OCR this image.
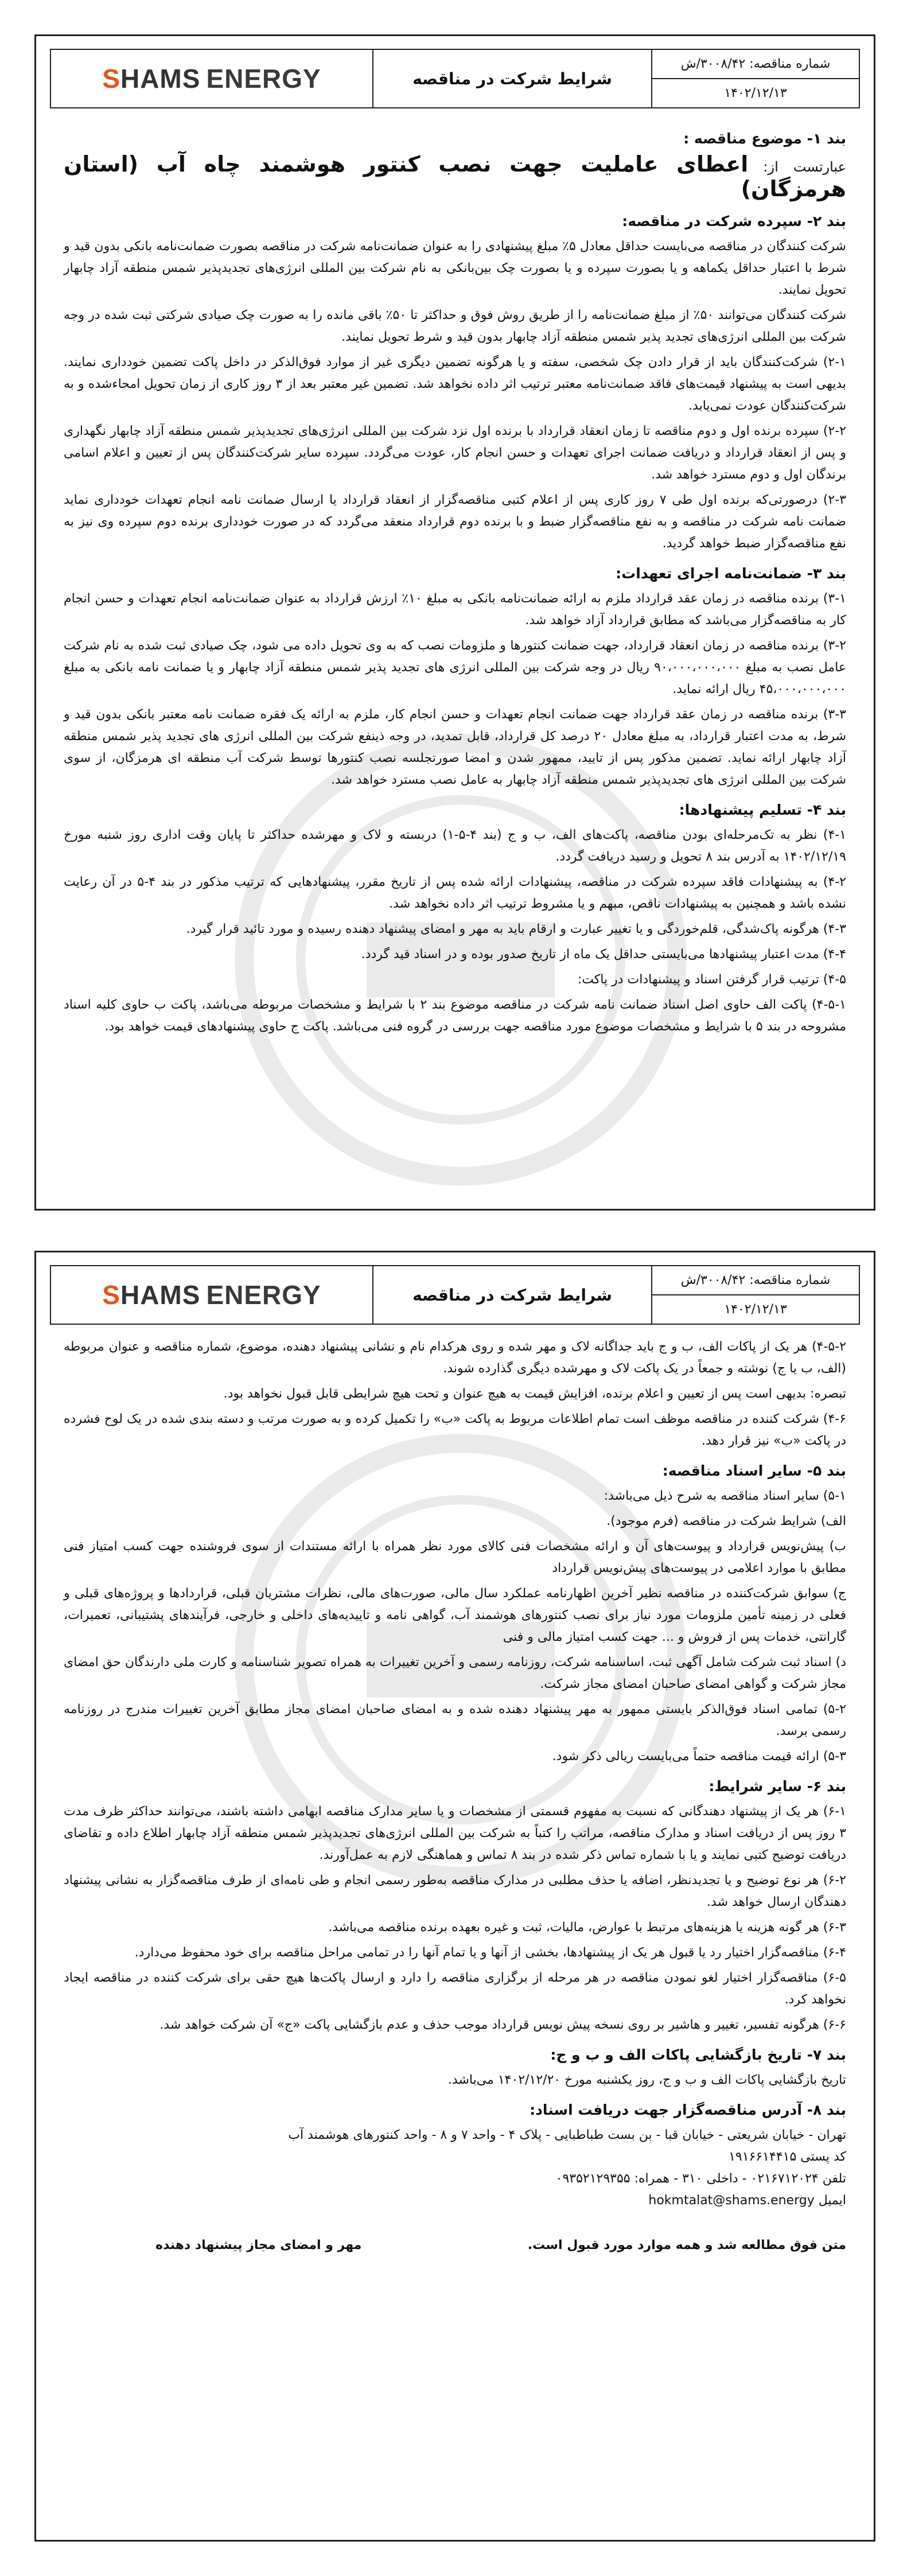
S HAMS ENERGY	شرایط شرکت در مناقصه
شماره مناقصه: ۳۰۰۸/۴۲/ش
۱۴۰۲/۱۲/۱۳
بند ۱- موضوع مناقصه :
عبارتست از: اعطای عاملیت جهت نصب کنتور هوشمند چاه آب (استان هرمزگان)
بند ۲- سپرده شرکت در مناقصه:

شرکت کنندگان در مناقصه می‌بایست حداقل معادل ۵٪ مبلغ پیشنهادی را به عنوان ضمانت‌نامه شرکت در مناقصه بصورت ضمانت‌نامه بانکی بدون قید و شرط با اعتبار حداقل یکماهه و یا بصورت سپرده و یا بصورت چک بین‌بانکی به نام شرکت بین المللی انرژی‌های تجدیدپذیر شمس منطقه آزاد چابهار تحویل نمایند.

شرکت کنندگان می‌توانند ۵۰٪ از مبلغ ضمانت‌نامه را از طریق روش فوق و حداکثر تا ۵۰٪ باقی مانده را به صورت چک صیادی شرکتی ثبت شده در وجه شرکت بین المللی انرژی‌های تجدید پذیر شمس منطقه آزاد چابهار بدون قید و شرط تحویل نمایند.

۲-۱) شرکت‌کنندگان باید از قرار دادن چک شخصی، سفته و یا هرگونه تضمین دیگری غیر از موارد فوق‌الذکر در داخل پاکت تضمین خودداری نمایند. بدیهی است به پیشنهاد قیمت‌های فاقد ضمانت‌نامه معتبر ترتیب اثر داده نخواهد شد. تضمین غیر معتبر بعد از ۳ روز کاری از زمان تحویل امحاءشده و به شرکت‌کنندگان عودت نمی‌یابد.

۲-۲) سپرده برنده اول و دوم مناقصه تا زمان انعقاد قرارداد با برنده اول نزد شرکت بین المللی انرژی‌های تجدیدپذیر شمس منطقه آزاد چابهار نگهداری و پس از انعقاد قرارداد و دریافت ضمانت اجرای تعهدات و حسن انجام کار، عودت می‌گردد. سپرده سایر شرکت‌کنندگان پس از تعیین و اعلام اسامی برندگان اول و دوم مسترد خواهد شد.

۲-۳) درصورتی‌که برنده اول طی ۷ روز کاری پس از اعلام کتبی مناقصه‌گزار از انعقاد قرارداد یا ارسال ضمانت نامه انجام تعهدات خودداری نماید ضمانت نامه شرکت در مناقصه و به نفع مناقصه‌گزار ضبط و با برنده دوم قرارداد منعقد می‌گردد که در صورت خودداری برنده دوم سپرده وی نیز به نفع مناقصه‌گزار ضبط خواهد گردید.

بند ۳- ضمانت‌نامه اجرای تعهدات:

۳-۱) برنده مناقصه در زمان عقد قرارداد ملزم به ارائه ضمانت‌نامه بانکی به مبلغ ۱۰٪ ارزش قرارداد به عنوان ضمانت‌نامه انجام تعهدات و حسن انجام کار به مناقصه‌گزار می‌باشد که مطابق قرارداد آزاد خواهد شد.

۳-۲) برنده مناقصه در زمان انعقاد قرارداد، جهت ضمانت کنتورها و ملزومات نصب که به وی تحویل داده می شود، چک صیادی ثبت شده به نام شرکت عامل نصب به مبلغ ۹۰،۰۰۰،۰۰۰،۰۰۰ ریال در وجه شرکت بین المللی انرژی های تجدید پذیر شمس منطقه آزاد چابهار و یا ضمانت نامه بانکی به مبلغ ۴۵،۰۰۰،۰۰۰،۰۰۰ ریال ارائه نماید.

۳-۳) برنده مناقصه در زمان عقد قرارداد جهت ضمانت انجام تعهدات و حسن انجام کار، ملزم به ارائه یک فقره ضمانت نامه معتبر بانکی بدون قید و شرط، به مدت اعتبار قرارداد، به مبلغ معادل ۲۰ درصد کل قرارداد، قابل تمدید، در وجه ذینفع شرکت بین المللی انرژی های تجدید پذیر شمس منطقه آزاد چابهار ارائه نماید. تضمین مذکور پس از تایید، ممهور شدن و امضا صورتجلسه نصب کنتورها توسط شرکت آب منطقه ای هرمزگان، از سوی شرکت بین المللی انرژی های تجدیدپذیر شمس منطقه آزاد چابهار به عامل نصب مسترد خواهد شد.

بند ۴- تسلیم پیشنهادها:

۴-۱) نظر به تک‌مرحله‌ای بودن مناقصه، پاکت‌های الف، ب و ج (بند ۴-۵-۱) دربسته و لاک و مهرشده حداکثر تا پایان وقت اداری روز شنبه مورخ ۱۴۰۲/۱۲/۱۹ به آدرس بند ۸ تحویل و رسید دریافت گردد.

۴-۲) به پیشنهادات فاقد سپرده شرکت در مناقصه، پیشنهادات ارائه شده پس از تاریخ مقرر، پیشنهادهایی که ترتیب مذکور در بند ۴-۵ در آن رعایت نشده باشد و همچنین به پیشنهادات ناقص، مبهم و یا مشروط ترتیب اثر داده نخواهد شد.

۴-۳) هرگونه پاک‌شدگی، قلم‌خوردگی و یا تغییر عبارت و ارقام باید به مهر و امضای پیشنهاد دهنده رسیده و مورد تائید قرار گیرد.

۴-۴) مدت اعتبار پیشنهادها می‌بایستی حداقل یک ماه از تاریخ صدور بوده و در اسناد قید گردد.

۴-۵) ترتیب قرار گرفتن اسناد و پیشنهادات در پاکت:

۴-۵-۱) پاکت الف حاوی اصل اسناد ضمانت نامه شرکت در مناقصه موضوع بند ۲ با شرایط و مشخصات مربوطه می‌باشد، پاکت ب حاوی کلیه اسناد مشروحه در بند ۵ با شرایط و مشخصات موضوع مورد مناقصه جهت بررسی در گروه فنی می‌باشد. پاکت ج حاوی پیشنهادهای قیمت خواهد بود.

S HAMS ENERGY	شرایط شرکت در مناقصه
شماره مناقصه: ۳۰۰۸/۴۲/ش
۱۴۰۲/۱۲/۱۳

۴-۵-۲) هر یک از پاکات الف، ب و ج باید جداگانه لاک و مهر شده و روی هرکدام نام و نشانی پیشنهاد دهنده، موضوع، شماره مناقصه و عنوان مربوطه (الف، ب یا ج) نوشته و جمعاً در یک پاکت لاک و مهرشده دیگری گذارده شوند.

تبصره: بدیهی است پس از تعیین و اعلام برنده، افزایش قیمت به هیچ عنوان و تحت هیچ شرایطی قابل قبول نخواهد بود.

۴-۶) شرکت کننده در مناقصه موظف است تمام اطلاعات مربوط به پاکت «ب» را تکمیل کرده و به صورت مرتب و دسته بندی شده در یک لوح فشرده در پاکت «ب» نیز قرار دهد.

بند ۵- سایر اسناد مناقصه:

۵-۱) سایر اسناد مناقصه به شرح ذیل می‌باشد:

الف) شرایط شرکت در مناقصه (فرم موجود).

ب) پیش‌نویس قرارداد و پیوست‌های آن و ارائه مشخصات فنی کالای مورد نظر همراه با ارائه مستندات از سوی فروشنده جهت کسب امتیاز فنی مطابق با موارد اعلامی در پیوست‌های پیش‌نویس قرارداد

ج) سوابق شرکت‌کننده در مناقصه نظیر آخرین اظهارنامه عملکرد سال مالی، صورت‌های مالی، نظرات مشتریان قبلی، قراردادها و پروژه‌های قبلی و فعلی در زمینه تأمین ملزومات مورد نیاز برای نصب کنتورهای هوشمند آب، گواهی نامه و تاییدیه‌های داخلی و خارجی، فرآیندهای پشتیبانی، تعمیرات، گارانتی، خدمات پس از فروش و ... جهت کسب امتیاز مالی و فنی

د) اسناد ثبت شرکت شامل آگهی ثبت، اساسنامه شرکت، روزنامه رسمی و آخرین تغییرات به همراه تصویر شناسنامه و کارت ملی دارندگان حق امضای مجاز شرکت و گواهی امضای صاحبان امضای مجاز شرکت.

۵-۲) تمامی اسناد فوق‌الذکر بایستی ممهور به مهر پیشنهاد دهنده شده و به امضای صاحبان امضای مجاز مطابق آخرین تغییرات مندرج در روزنامه رسمی برسد.

۵-۳) ارائه قیمت مناقصه حتماً می‌بایست ریالی ذکر شود.

بند ۶- سایر شرایط:

۶-۱) هر یک از پیشنهاد دهندگانی که نسبت به مفهوم قسمتی از مشخصات و یا سایر مدارک مناقصه ابهامی داشته باشند، می‌توانند حداکثر ظرف مدت ۳ روز پس از دریافت اسناد و مدارک مناقصه، مراتب را کتباً به شرکت بین المللی انرژی‌های تجدیدپذیر شمس منطقه آزاد چابهار اطلاع داده و تقاضای دریافت توضیح کتبی نمایند و یا با شماره تماس ذکر شده در بند ۸ تماس و هماهنگی لازم به عمل‌آورند.

۶-۲) هر نوع توضیح و یا تجدیدنظر، اضافه یا حذف مطلبی در مدارک مناقصه به‌طور رسمی انجام و طی نامه‌ای از طرف مناقصه‌گزار به نشانی پیشنهاد دهندگان ارسال خواهد شد.

۶-۳) هر گونه هزینه یا هزینه‌های مرتبط با عوارض، مالیات، ثبت و غیره بعهده برنده مناقصه می‌باشد.

۶-۴) مناقصه‌گزار اختیار رد یا قبول هر یک از پیشنهادها، بخشی از آنها و یا تمام آنها را در تمامی مراحل مناقصه برای خود محفوظ می‌دارد.

۶-۵) مناقصه‌گزار اختیار لغو نمودن مناقصه در هر مرحله از برگزاری مناقصه را دارد و ارسال پاکت‌ها هیچ حقی برای شرکت کننده در مناقصه ایجاد نخواهد کرد.

۶-۶) هرگونه تفسیر، تغییر و هاشیر بر روی نسخه پیش نویس قرارداد موجب حذف و عدم بازگشایی پاکت «ج» آن شرکت خواهد شد.

بند ۷- تاریخ بازگشایی پاکات الف و ب و ج:

تاریخ بازگشایی پاکات الف و ب و ج، روز یکشنبه مورخ ۱۴۰۲/۱۲/۲۰ می‌باشد.

بند ۸- آدرس مناقصه‌گزار جهت دریافت اسناد:

تهران - خیابان شریعتی - خیابان قبا - بن بست طباطبایی - پلاک ۴ - واحد ۷ و ۸ - واحد کنتورهای هوشمند آب

کد پستی ۱۹۱۶۶۱۴۴۱۵

تلفن ۰۲۱۶۷۱۲۰۲۴ - داخلی ۳۱۰ - همراه: ۰۹۳۵۲۱۲۹۳۵۵

ایمیل hokmtalat@shams.energy

متن فوق مطالعه شد و همه موارد مورد قبول است.
مهر و امضای مجاز پیشنهاد دهنده
